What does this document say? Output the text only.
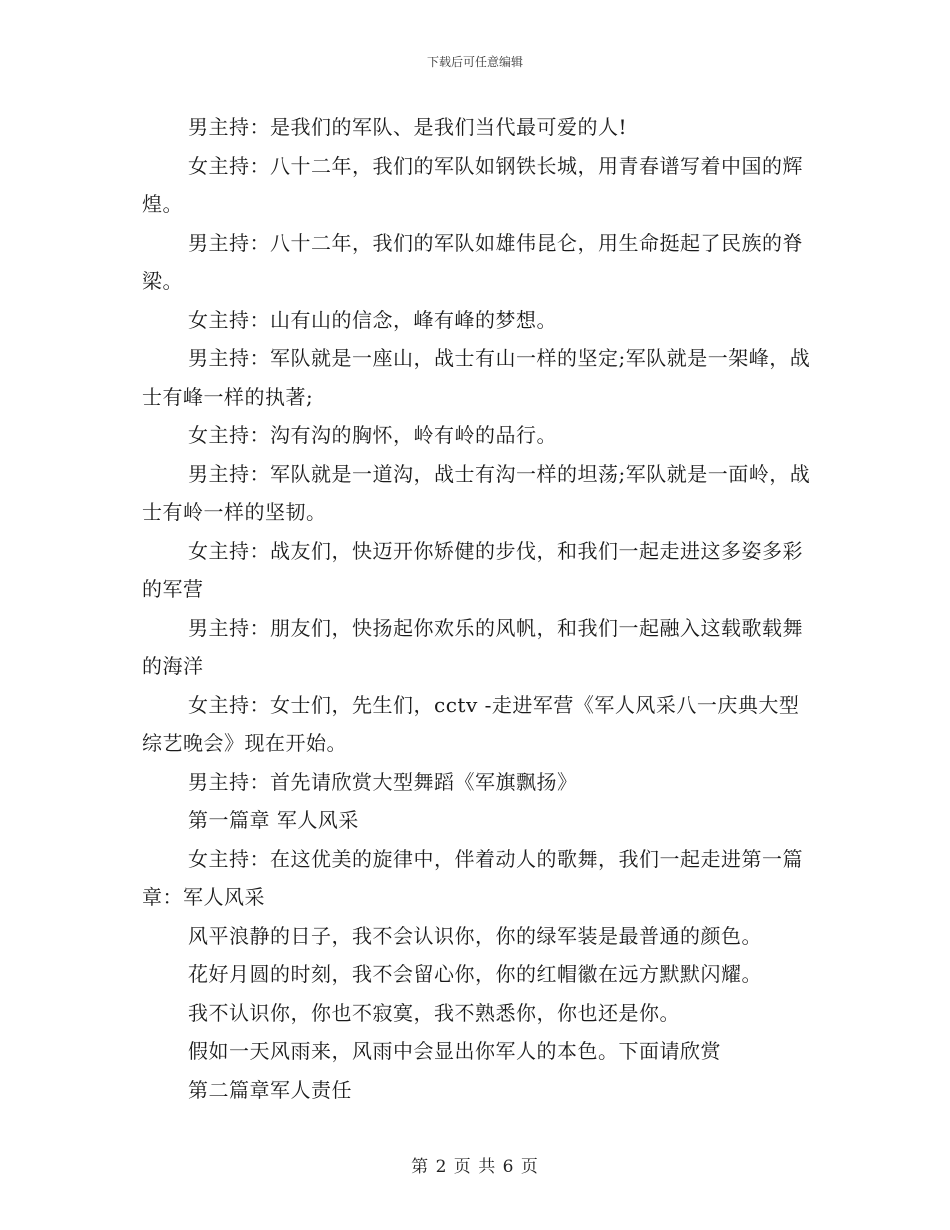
下载后可任意编辑

男主持：是我们的军队、是我们当代最可爱的人!

女主持：八十二年，我们的军队如钢铁长城，用青春谱写着中国的辉煌。

男主持：八十二年，我们的军队如雄伟昆仑，用生命挺起了民族的脊梁。

女主持：山有山的信念，峰有峰的梦想。

男主持：军队就是一座山，战士有山一样的坚定;军队就是一架峰，战士有峰一样的执著;

女主持：沟有沟的胸怀，岭有岭的品行。

男主持：军队就是一道沟，战士有沟一样的坦荡;军队就是一面岭，战士有岭一样的坚韧。

女主持：战友们，快迈开你矫健的步伐，和我们一起走进这多姿多彩的军营

男主持：朋友们，快扬起你欢乐的风帆，和我们一起融入这载歌载舞的海洋

女主持：女士们，先生们，cctv -走进军营《军人风采八一庆典大型综艺晚会》现在开始。

男主持：首先请欣赏大型舞蹈《军旗飘扬》

第一篇章 军人风采

女主持：在这优美的旋律中，伴着动人的歌舞，我们一起走进第一篇章：军人风采

风平浪静的日子，我不会认识你，你的绿军装是最普通的颜色。

花好月圆的时刻，我不会留心你，你的红帽徽在远方默默闪耀。

我不认识你，你也不寂寞，我不熟悉你，你也还是你。

假如一天风雨来，风雨中会显出你军人的本色。下面请欣赏

第二篇章军人责任

第 2 页 共 6 页
